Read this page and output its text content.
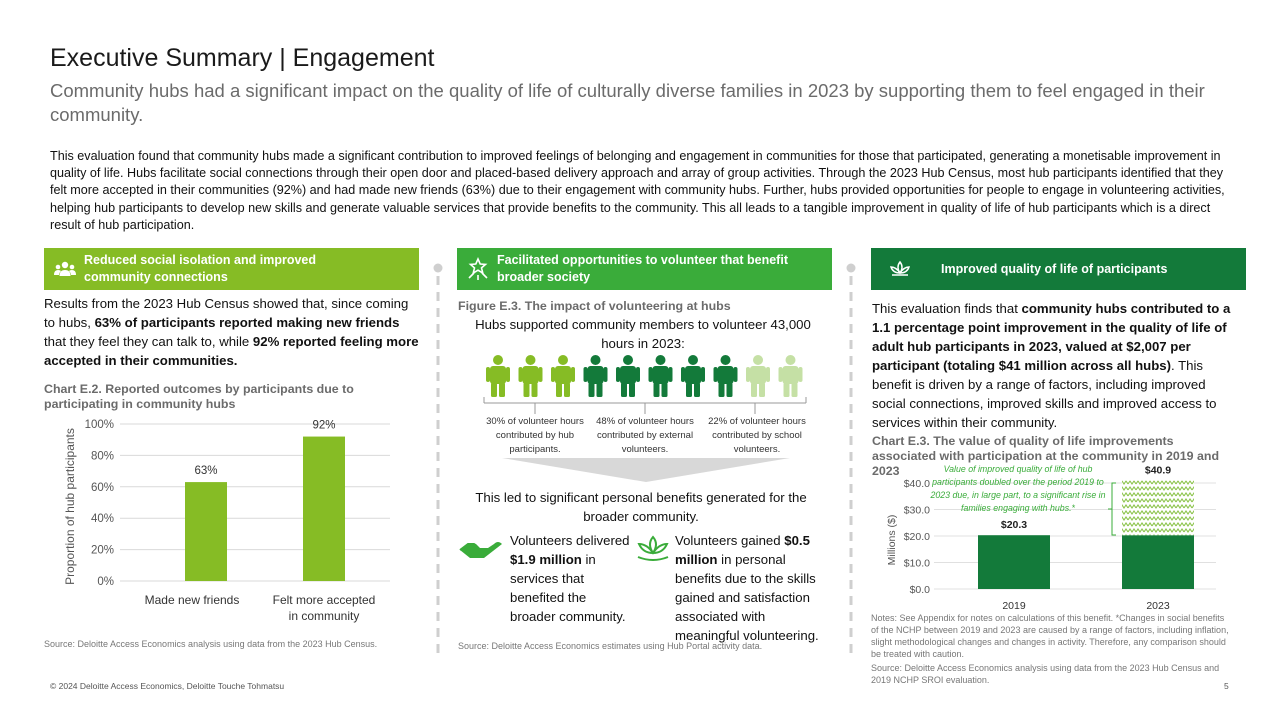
Executive Summary | Engagement
Community hubs had a significant impact on the quality of life of culturally diverse families in 2023 by supporting them to feel engaged in their community.
This evaluation found that community hubs made a significant contribution to improved feelings of belonging and engagement in communities for those that participated, generating a monetisable improvement in quality of life. Hubs facilitate social connections through their open door and placed-based delivery approach and array of group activities. Through the 2023 Hub Census, most hub participants identified that they felt more accepted in their communities (92%) and had made new friends (63%) due to their engagement with community hubs. Further, hubs provided opportunities for people to engage in volunteering activities, helping hub participants to develop new skills and generate valuable services that provide benefits to the community. This all leads to a tangible improvement in quality of life of hub participants which is a direct result of hub participation.
Reduced social isolation and improved community connections
Facilitated opportunities to volunteer that benefit broader society
Improved quality of life of participants
Results from the 2023 Hub Census showed that, since coming to hubs, 63% of participants reported making new friends that they feel they can talk to, while 92% reported feeling more accepted in their communities.
Chart E.2. Reported outcomes by participants due to participating in community hubs
0%
20%
40%
60%
80%
100%
Proportion of hub participants	63%
92%
Made new friends	Felt more accepted
in community
Source: Deloitte Access Economics analysis using data from the 2023 Hub Census.
Figure E.3. The impact of volunteering at hubs
Hubs supported community members to volunteer 43,000 hours in 2023:
30% of volunteer hours contributed by hub participants.
48% of volunteer hours contributed by external volunteers.
22% of volunteer hours contributed by school volunteers.
This led to significant personal benefits generated for the broader community.
Volunteers delivered $1.9 million in services that benefited the broader community.
Volunteers gained $0.5 million in personal benefits due to the skills gained and satisfaction associated with meaningful volunteering.
Source: Deloitte Access Economics estimates using Hub Portal activity data.
This evaluation finds that community hubs contributed to a 1.1 percentage point improvement in the quality of life of adult hub participants in 2023, valued at $2,007 per participant (totaling $41 million across all hubs). This benefit is driven by a range of factors, including improved social connections, improved skills and improved access to services within their community.
Chart E.3. The value of quality of life improvements associated with participation at the community in 2019 and 2023
$0.0
$10.0
$20.0
$30.0
$40.0
Millions ($)	$20.3
2019
$40.9
2023
Value of improved quality of life of hub participants doubled over the period 2019 to 2023 due, in large part, to a significant rise in families engaging with hubs.*
Notes: See Appendix for notes on calculations of this benefit. *Changes in social benefits of the NCHP between 2019 and 2023 are caused by a range of factors, including inflation, slight methodological changes and changes in activity. Therefore, any comparison should be treated with caution.
Source: Deloitte Access Economics analysis using data from the 2023 Hub Census and 2019 NCHP SROI evaluation.
© 2024 Deloitte Access Economics, Deloitte Touche Tohmatsu	5
